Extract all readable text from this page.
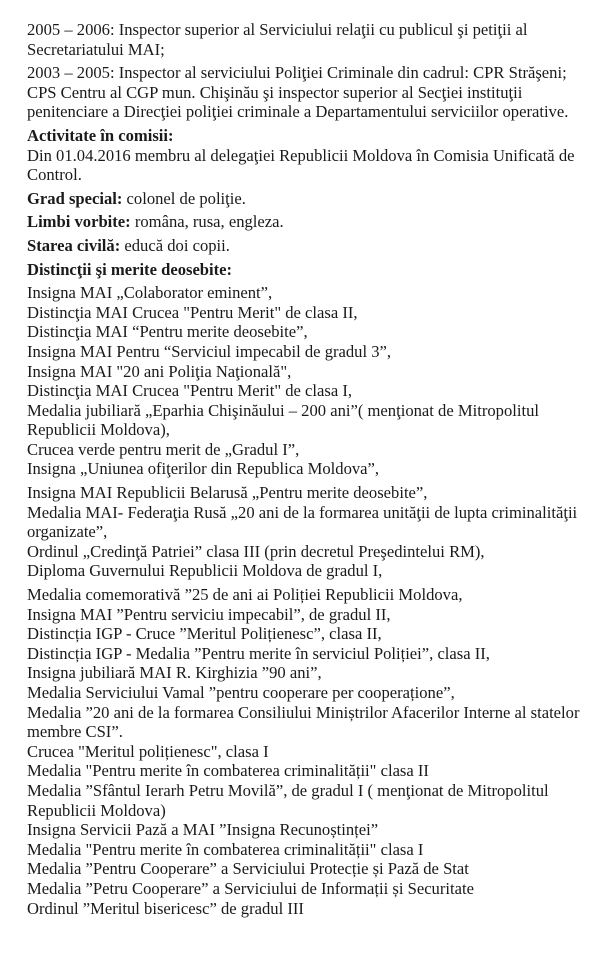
2005 – 2006: Inspector superior al Serviciului relaţii cu publicul şi petiţii al Secretariatului MAI;

2003 – 2005: Inspector al serviciului Poliţiei Criminale din cadrul: CPR Străşeni; CPS Centru al CGP mun. Chişinău şi inspector superior al Secţiei instituţii penitenciare a Direcţiei poliţiei criminale a Departamentului serviciilor operative.

Activitate în comisii:
Din 01.04.2016 membru al delegaţiei Republicii Moldova în Comisia Unificată de Control.

Grad special: colonel de poliţie.

Limbi vorbite: româna, rusa, engleza.

Starea civilă: educă doi copii.

Distincţii şi merite deosebite:

Insigna MAI „Colaborator eminent”,
Distincţia MAI Crucea "Pentru Merit" de clasa II,
Distincţia MAI “Pentru merite deosebite”,
Insigna MAI Pentru “Serviciul impecabil de gradul 3”,
Insigna MAI "20 ani Poliţia Naţională",
Distincţia MAI Crucea "Pentru Merit" de clasa I,
Medalia jubiliară „Eparhia Chişinăului – 200 ani”( menţionat de Mitropolitul Republicii Moldova),
Crucea verde pentru merit de „Gradul I”,
Insigna „Uniunea ofiţerilor din Republica Moldova”,
Insigna MAI Republicii Belarusă „Pentru merite deosebite”,
Medalia MAI- Federaţia Rusă „20 ani de la formarea unităţii de lupta criminalităţii organizate”,
Ordinul „Credinţă Patriei” clasa III (prin decretul Preşedintelui RM),
Diploma Guvernului Republicii Moldova de gradul I,
Medalia comemorativă ”25 de ani ai Poliției Republicii Moldova,
Insigna MAI ”Pentru serviciu impecabil”, de gradul II,
Distincția IGP - Cruce ”Meritul Polițienesc”, clasa II,
Distincția IGP - Medalia ”Pentru merite în serviciul Poliției”, clasa II,
Insigna jubiliară MAI R. Kirghizia ”90 ani”,
Medalia Serviciului Vamal ”pentru cooperare per cooperațione”,
Medalia ”20 ani de la formarea Consiliului Miniștrilor Afacerilor Interne al statelor membre CSI”.
Crucea "Meritul polițienesc", clasa I
Medalia "Pentru merite în combaterea criminalității" clasa II
Medalia ”Sfântul Ierarh Petru Movilă”, de gradul I ( menţionat de Mitropolitul Republicii Moldova)
Insigna Servicii Pază a MAI ”Insigna Recunoștinței”
Medalia "Pentru merite în combaterea criminalității" clasa I
Medalia ”Pentru Cooperare” a Serviciului Protecție și Pază de Stat
Medalia ”Petru Cooperare” a Serviciului de Informații și Securitate
Ordinul ”Meritul bisericesc” de gradul III
